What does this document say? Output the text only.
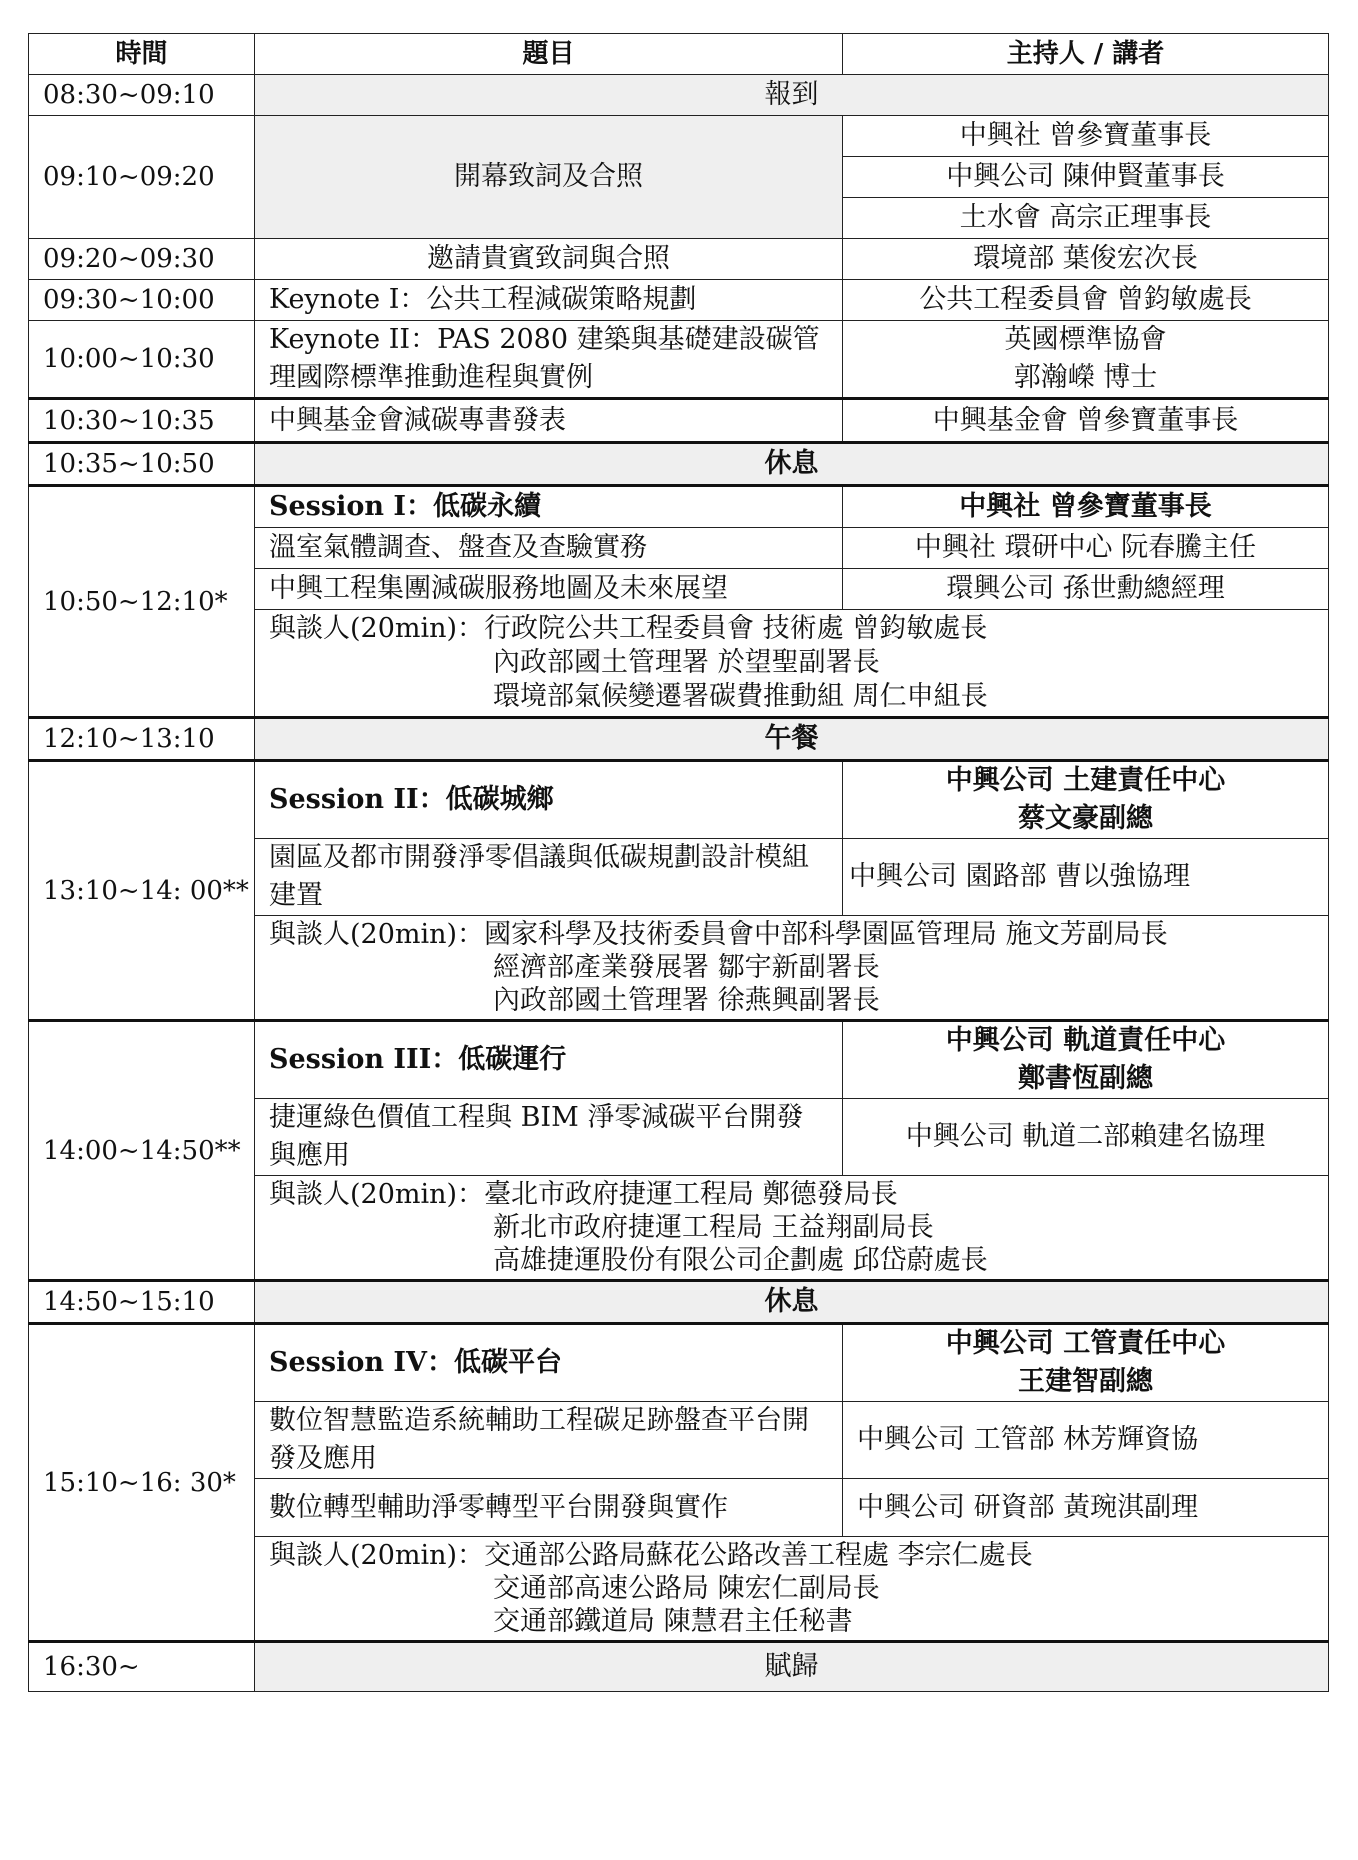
時間	題目	主持人 / 講者
08:30~09:10	報到	
09:10~09:20	開幕致詞及合照	中興社 曾參寶董事長
		中興公司 陳伸賢董事長
		土水會 高宗正理事長
09:20~09:30	邀請貴賓致詞與合照	環境部 葉俊宏次長
09:30~10:00	Keynote I：公共工程減碳策略規劃	公共工程委員會 曾鈞敏處長
10:00~10:30	Keynote II：PAS 2080 建築與基礎建設碳管理國際標準推動進程與實例	英國標準協會
郭瀚嶸 博士
10:30~10:35	中興基金會減碳專書發表	中興基金會 曾參寶董事長
10:35~10:50	休息	
10:50~12:10*	Session I：低碳永續	中興社 曾參寶董事長
	溫室氣體調查、盤查及查驗實務	中興社 環研中心 阮春騰主任
	中興工程集團減碳服務地圖及未來展望	環興公司 孫世勳總經理
	與談人(20min)：行政院公共工程委員會 技術處 曾鈞敏處長
內政部國土管理署 於望聖副署長
環境部氣候變遷署碳費推動組 周仁申組長	

12:10~13:10	午餐	
13:10~14: 00**	Session II：低碳城鄉	中興公司 土建責任中心
蔡文豪副總
	園區及都市開發淨零倡議與低碳規劃設計模組建置	中興公司 園路部 曹以強協理
	與談人(20min)：國家科學及技術委員會中部科學園區管理局 施文芳副局長
經濟部產業發展署 鄒宇新副署長
內政部國土管理署 徐燕興副署長	

14:00~14:50**	Session III：低碳運行	中興公司 軌道責任中心
鄭書恆副總
	捷運綠色價值工程與 BIM 淨零減碳平台開發與應用	中興公司 軌道二部賴建名協理
	與談人(20min)：臺北市政府捷運工程局 鄭德發局長
新北市政府捷運工程局 王益翔副局長
高雄捷運股份有限公司企劃處 邱岱蔚處長	

14:50~15:10	休息	
15:10~16: 30*	Session IV：低碳平台	中興公司 工管責任中心
王建智副總
	數位智慧監造系統輔助工程碳足跡盤查平台開發及應用	中興公司 工管部 林芳輝資協
	數位轉型輔助淨零轉型平台開發與實作	中興公司 研資部 黃琬淇副理
	與談人(20min)：交通部公路局蘇花公路改善工程處 李宗仁處長
交通部高速公路局 陳宏仁副局長
交通部鐵道局 陳慧君主任秘書	

16:30~	賦歸	
